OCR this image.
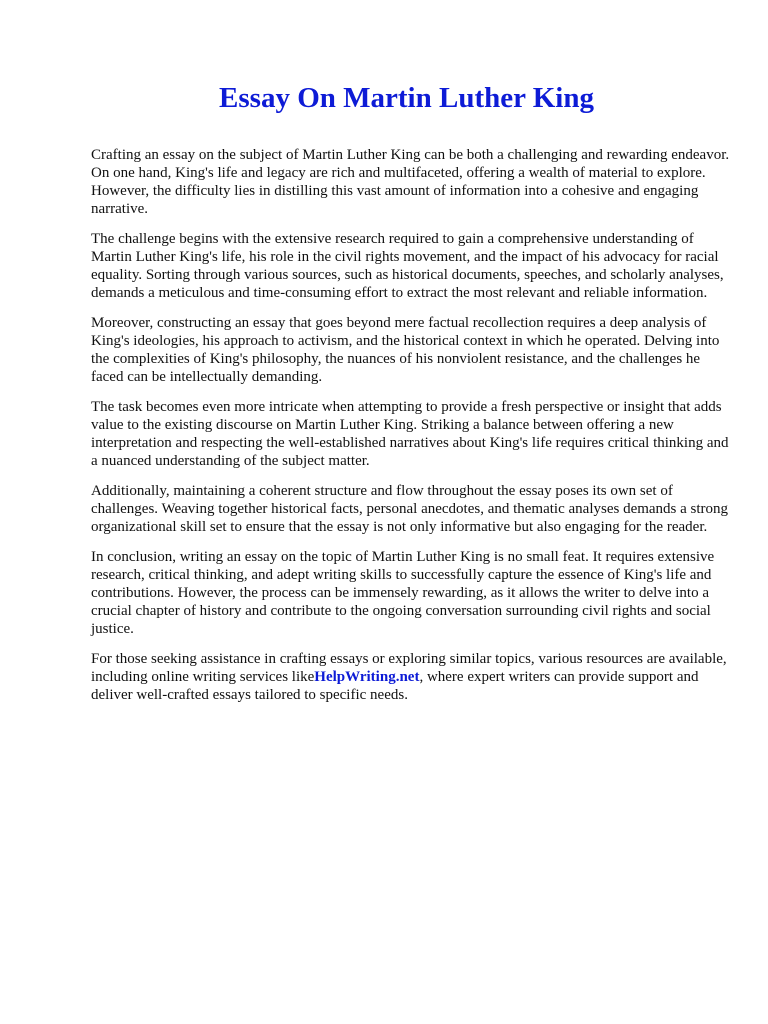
Essay On Martin Luther King

Crafting an essay on the subject of Martin Luther King can be both a challenging and rewarding endeavor. On one hand, King's life and legacy are rich and multifaceted, offering a wealth of material to explore. However, the difficulty lies in distilling this vast amount of information into a cohesive and engaging narrative.

The challenge begins with the extensive research required to gain a comprehensive understanding of Martin Luther King's life, his role in the civil rights movement, and the impact of his advocacy for racial equality. Sorting through various sources, such as historical documents, speeches, and scholarly analyses, demands a meticulous and time-consuming effort to extract the most relevant and reliable information.

Moreover, constructing an essay that goes beyond mere factual recollection requires a deep analysis of King's ideologies, his approach to activism, and the historical context in which he operated. Delving into the complexities of King's philosophy, the nuances of his nonviolent resistance, and the challenges he faced can be intellectually demanding.

The task becomes even more intricate when attempting to provide a fresh perspective or insight that adds value to the existing discourse on Martin Luther King. Striking a balance between offering a new interpretation and respecting the well-established narratives about King's life requires critical thinking and a nuanced understanding of the subject matter.

Additionally, maintaining a coherent structure and flow throughout the essay poses its own set of challenges. Weaving together historical facts, personal anecdotes, and thematic analyses demands a strong organizational skill set to ensure that the essay is not only informative but also engaging for the reader.

In conclusion, writing an essay on the topic of Martin Luther King is no small feat. It requires extensive research, critical thinking, and adept writing skills to successfully capture the essence of King's life and contributions. However, the process can be immensely rewarding, as it allows the writer to delve into a crucial chapter of history and contribute to the ongoing conversation surrounding civil rights and social justice.

For those seeking assistance in crafting essays or exploring similar topics, various resources are available, including online writing services likeHelpWriting.net, where expert writers can provide support and deliver well-crafted essays tailored to specific needs.
